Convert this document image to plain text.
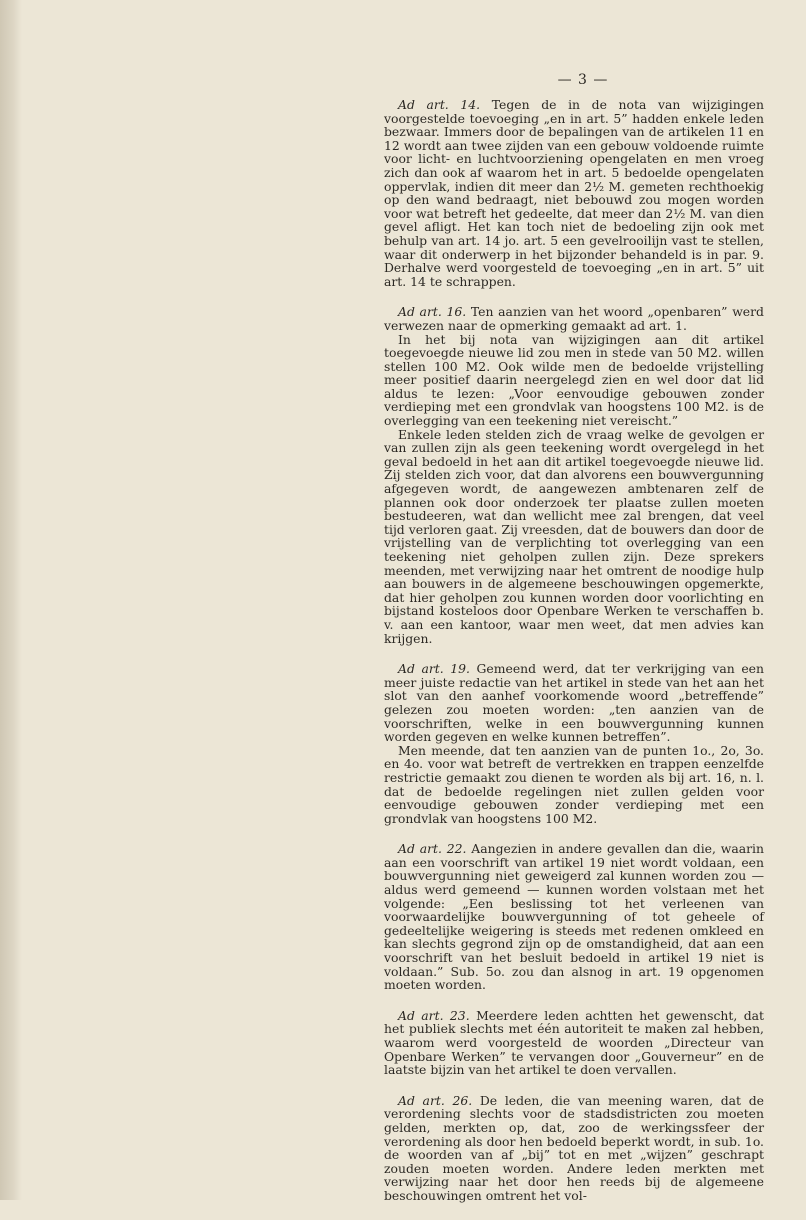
— 3 —

Ad art. 14. Tegen de in de nota van wijzigingen voorgestelde toevoeging „en in art. 5” hadden enkele leden bezwaar. Immers door de bepalingen van de artikelen 11 en 12 wordt aan twee zijden van een gebouw voldoende ruimte voor licht- en luchtvoorziening opengelaten en men vroeg zich dan ook af waarom het in art. 5 bedoelde opengelaten oppervlak, indien dit meer dan 2½ M. gemeten rechthoekig op den wand bedraagt, niet bebouwd zou mogen worden voor wat betreft het gedeelte, dat meer dan 2½ M. van dien gevel afligt. Het kan toch niet de bedoeling zijn ook met behulp van art. 14 jo. art. 5 een gevelrooilijn vast te stellen, waar dit onderwerp in het bijzonder behandeld is in par. 9. Derhalve werd voorgesteld de toevoeging „en in art. 5” uit art. 14 te schrappen.

Ad art. 16. Ten aanzien van het woord „openbaren” werd verwezen naar de opmerking gemaakt ad art. 1.

In het bij nota van wijzigingen aan dit artikel toegevoegde nieuwe lid zou men in stede van 50 M2. willen stellen 100 M2. Ook wilde men de bedoelde vrijstelling meer positief daarin neergelegd zien en wel door dat lid aldus te lezen: „Voor eenvoudige gebouwen zonder verdieping met een grondvlak van hoogstens 100 M2. is de overlegging van een teekening niet vereischt.”

Enkele leden stelden zich de vraag welke de gevolgen er van zullen zijn als geen teekening wordt overgelegd in het geval bedoeld in het aan dit artikel toegevoegde nieuwe lid. Zij stelden zich voor, dat dan alvorens een bouwvergunning afgegeven wordt, de aangewezen ambtenaren zelf de plannen ook door onderzoek ter plaatse zullen moeten bestudeeren, wat dan wellicht mee zal brengen, dat veel tijd verloren gaat. Zij vreesden, dat de bouwers dan door de vrijstelling van de verplichting tot overlegging van een teekening niet geholpen zullen zijn. Deze sprekers meenden, met verwijzing naar het omtrent de noodige hulp aan bouwers in de algemeene beschouwingen opgemerkte, dat hier geholpen zou kunnen worden door voorlichting en bijstand kosteloos door Openbare Werken te verschaffen b. v. aan een kantoor, waar men weet, dat men advies kan krijgen.

Ad art. 19. Gemeend werd, dat ter verkrijging van een meer juiste redactie van het artikel in stede van het aan het slot van den aanhef voorkomende woord „betreffende” gelezen zou moeten worden: „ten aanzien van de voorschriften, welke in een bouwvergunning kunnen worden gegeven en welke kunnen betreffen”.

Men meende, dat ten aanzien van de punten 1o., 2o, 3o. en 4o. voor wat betreft de vertrekken en trappen eenzelfde restrictie gemaakt zou dienen te worden als bij art. 16, n. l. dat de bedoelde regelingen niet zullen gelden voor eenvoudige gebouwen zonder verdieping met een grondvlak van hoogstens 100 M2.

Ad art. 22. Aangezien in andere gevallen dan die, waarin aan een voorschrift van artikel 19 niet wordt voldaan, een bouwvergunning niet geweigerd zal kunnen worden zou — aldus werd gemeend — kunnen worden volstaan met het volgende: „Een beslissing tot het verleenen van voorwaardelijke bouwvergunning of tot geheele of gedeeltelijke weigering is steeds met redenen omkleed en kan slechts gegrond zijn op de omstandigheid, dat aan een voorschrift van het besluit bedoeld in artikel 19 niet is voldaan.” Sub. 5o. zou dan alsnog in art. 19 opgenomen moeten worden.

Ad art. 23. Meerdere leden achtten het gewenscht, dat het publiek slechts met één autoriteit te maken zal hebben, waarom werd voorgesteld de woorden „Directeur van Openbare Werken” te vervangen door „Gouverneur” en de laatste bijzin van het artikel te doen vervallen.

Ad art. 26. De leden, die van meening waren, dat de verordening slechts voor de stadsdistricten zou moeten gelden, merkten op, dat, zoo de werkingssfeer der verordening als door hen bedoeld beperkt wordt, in sub. 1o. de woorden van af „bij” tot en met „wijzen” geschrapt zouden moeten worden. Andere leden merkten met verwijzing naar het door hen reeds bij de algemeene beschouwingen omtrent het vol-
